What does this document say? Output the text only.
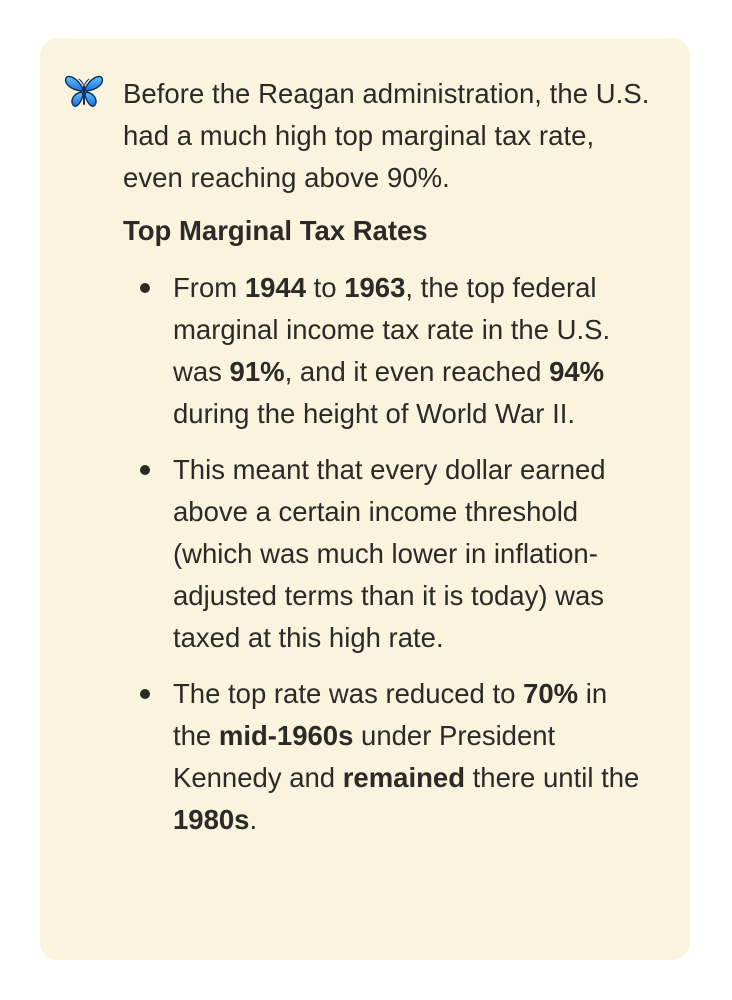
Before the Reagan administration, the U.S. had a much high top marginal tax rate, even reaching above 90%.

Top Marginal Tax Rates
From 1944 to 1963, the top federal marginal income tax rate in the U.S. was 91%, and it even reached 94% during the height of World War II.
This meant that every dollar earned above a certain income threshold (which was much lower in inflation-adjusted terms than it is today) was taxed at this high rate.
The top rate was reduced to 70% in the mid-1960s under President Kennedy and remained there until the 1980s.
